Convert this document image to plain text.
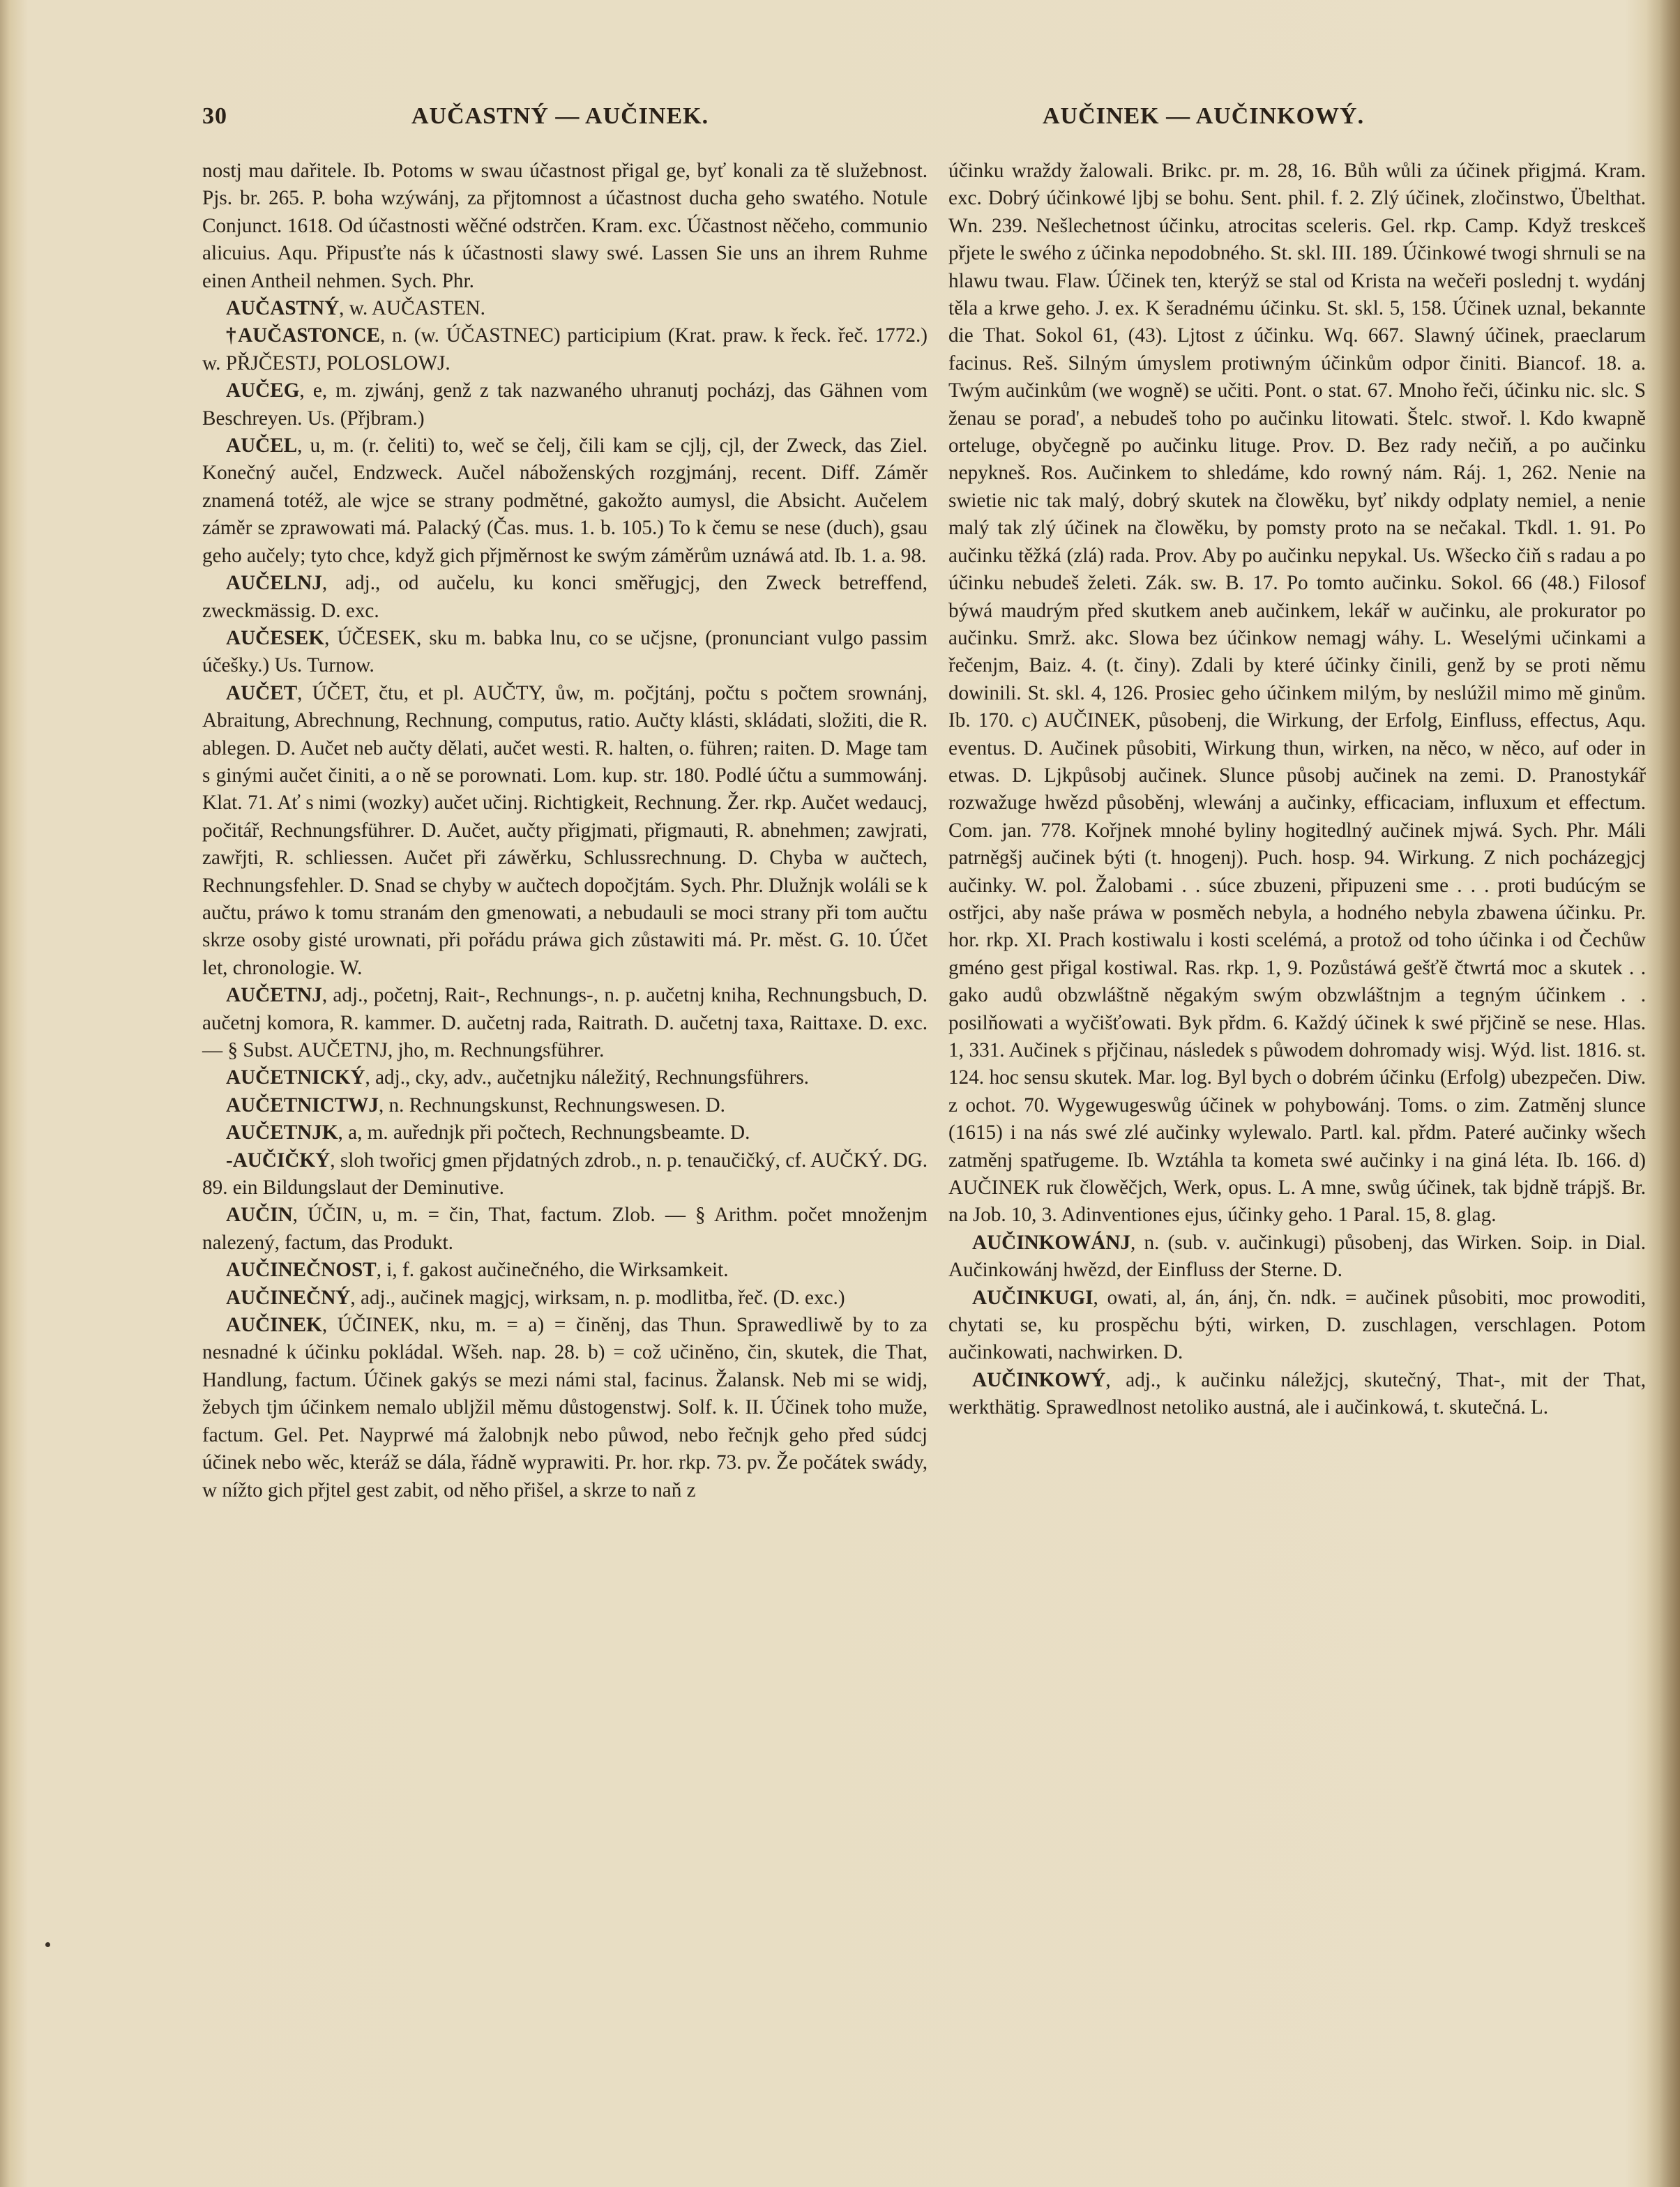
30	AUČASTNÝ — AUČINEK.	AUČINEK — AUČINKOWÝ.

nostj mau dařitele. Ib. Potoms w swau účastnost přigal ge, byť konali za tě služebnost. Pjs. br. 265. P. boha wzýwánj, za přjtomnost a účastnost ducha geho swatého. Notule Conjunct. 1618. Od účastnosti wěčné odstrčen. Kram. exc. Účastnost něčeho, communio alicuius. Aqu. Připusťte nás k účastnosti slawy swé. Lassen Sie uns an ihrem Ruhme einen Antheil nehmen. Sych. Phr.

AUČASTNÝ, w. AUČASTEN.

†AUČASTONCE, n. (w. ÚČASTNEC) participium (Krat. praw. k řeck. řeč. 1772.) w. PŘJČESTJ, POLOSLOWJ.

AUČEG, e, m. zjwánj, genž z tak nazwaného uhranutj pocházj, das Gähnen vom Beschreyen. Us. (Přjbram.)

AUČEL, u, m. (r. čeliti) to, weč se čelj, čili kam se cjlj, cjl, der Zweck, das Ziel. Konečný aučel, Endzweck. Aučel náboženských rozgjmánj, recent. Diff. Záměr znamená totéž, ale wjce se strany podmětné, gakožto aumysl, die Absicht. Aučelem záměr se zprawowati má. Palacký (Čas. mus. 1. b. 105.) To k čemu se nese (duch), gsau geho aučely; tyto chce, když gich přjměrnost ke swým záměrům uznáwá atd. Ib. 1. a. 98.

AUČELNJ, adj., od aučelu, ku konci směřugjcj, den Zweck betreffend, zweckmässig. D. exc.

AUČESEK, ÚČESEK, sku m. babka lnu, co se učjsne, (pronunciant vulgo passim účešky.) Us. Turnow.

AUČET, ÚČET, čtu, et pl. AUČTY, ůw, m. počjtánj, počtu s počtem srownánj, Abraitung, Abrechnung, Rechnung, computus, ratio. Aučty klásti, skládati, složiti, die R. ablegen. D. Aučet neb aučty dělati, aučet westi. R. halten, o. führen; raiten. D. Mage tam s ginými aučet činiti, a o ně se porownati. Lom. kup. str. 180. Podlé účtu a summowánj. Klat. 71. Ať s nimi (wozky) aučet učinj. Richtigkeit, Rechnung. Žer. rkp. Aučet wedaucj, počitář, Rechnungsführer. D. Aučet, aučty přigjmati, přigmauti, R. abnehmen; zawjrati, zawřjti, R. schliessen. Aučet při záwěrku, Schlussrechnung. D. Chyba w aučtech, Rechnungsfehler. D. Snad se chyby w aučtech dopočjtám. Sych. Phr. Dlužnjk woláli se k aučtu, práwo k tomu stranám den gmenowati, a nebudauli se moci strany při tom aučtu skrze osoby gisté urownati, při pořádu práwa gich zůstawiti má. Pr. měst. G. 10. Účet let, chronologie. W.

AUČETNJ, adj., početnj, Rait-, Rechnungs-, n. p. aučetnj kniha, Rechnungsbuch, D. aučetnj komora, R. kammer. D. aučetnj rada, Raitrath. D. aučetnj taxa, Raittaxe. D. exc. — § Subst. AUČETNJ, jho, m. Rechnungsführer.

AUČETNICKÝ, adj., cky, adv., aučetnjku náležitý, Rechnungsführers.

AUČETNICTWJ, n. Rechnungskunst, Rechnungswesen. D.

AUČETNJK, a, m. auřednjk při počtech, Rechnungsbeamte. D.

-AUČIČKÝ, sloh twořicj gmen přjdatných zdrob., n. p. tenaučičký, cf. AUČKÝ. DG. 89. ein Bildungslaut der Deminutive.

AUČIN, ÚČIN, u, m. = čin, That, factum. Zlob. — § Arithm. počet množenjm nalezený, factum, das Produkt.

AUČINEČNOST, i, f. gakost aučinečného, die Wirksamkeit.

AUČINEČNÝ, adj., aučinek magjcj, wirksam, n. p. modlitba, řeč. (D. exc.)

AUČINEK, ÚČINEK, nku, m. = a) = činěnj, das Thun. Sprawedliwě by to za nesnadné k účinku pokládal. Wšeh. nap. 28. b) = což učiněno, čin, skutek, die That, Handlung, factum. Účinek gakýs se mezi námi stal, facinus. Žalansk. Neb mi se widj, žebych tjm účinkem nemalo ubljžil měmu důstogenstwj. Solf. k. II. Účinek toho muže, factum. Gel. Pet. Nayprwé má žalobnjk nebo půwod, nebo řečnjk geho před súdcj účinek nebo wěc, kteráž se dála, řádně wyprawiti. Pr. hor. rkp. 73. pv. Že počátek swády, w nížto gich přjtel gest zabit, od něho přišel, a skrze to naň z

účinku wraždy žalowali. Brikc. pr. m. 28, 16. Bůh wůli za účinek přigjmá. Kram. exc. Dobrý účinkowé ljbj se bohu. Sent. phil. f. 2. Zlý účinek, zločinstwo, Übelthat. Wn. 239. Nešlechetnost účinku, atrocitas sceleris. Gel. rkp. Camp. Když treskceš přjete le swého z účinka nepodobného. St. skl. III. 189. Účinkowé twogi shrnuli se na hlawu twau. Flaw. Účinek ten, kterýž se stal od Krista na wečeři poslednj t. wydánj těla a krwe geho. J. ex. K šeradnému účinku. St. skl. 5, 158. Účinek uznal, bekannte die That. Sokol 61, (43). Ljtost z účinku. Wq. 667. Slawný účinek, praeclarum facinus. Reš. Silným úmyslem protiwným účinkům odpor činiti. Biancof. 18. a. Twým aučinkům (we wogně) se učiti. Pont. o stat. 67. Mnoho řeči, účinku nic. slc. S ženau se porad', a nebudeš toho po aučinku litowati. Štelc. stwoř. l. Kdo kwapně orteluge, obyčegně po aučinku lituge. Prov. D. Bez rady nečiň, a po aučinku nepykneš. Ros. Aučinkem to shledáme, kdo rowný nám. Ráj. 1, 262. Nenie na swietie nic tak malý, dobrý skutek na člowěku, byť nikdy odplaty nemiel, a nenie malý tak zlý účinek na člowěku, by pomsty proto na se nečakal. Tkdl. 1. 91. Po aučinku těžká (zlá) rada. Prov. Aby po aučinku nepykal. Us. Wšecko čiň s radau a po účinku nebudeš želeti. Zák. sw. B. 17. Po tomto aučinku. Sokol. 66 (48.) Filosof býwá maudrým před skutkem aneb aučinkem, lekář w aučinku, ale prokurator po aučinku. Smrž. akc. Slowa bez účinkow nemagj wáhy. L. Weselými učinkami a řečenjm, Baiz. 4. (t. činy). Zdali by které účinky činili, genž by se proti němu dowinili. St. skl. 4, 126. Prosiec geho účinkem milým, by neslúžil mimo mě ginům. Ib. 170. c) AUČINEK, působenj, die Wirkung, der Erfolg, Einfluss, effectus, Aqu. eventus. D. Aučinek působiti, Wirkung thun, wirken, na něco, w něco, auf oder in etwas. D. Ljkpůsobj aučinek. Slunce působj aučinek na zemi. D. Pranostykář rozwažuge hwězd působěnj, wlewánj a aučinky, efficaciam, influxum et effectum. Com. jan. 778. Kořjnek mnohé byliny hogitedlný aučinek mjwá. Sych. Phr. Máli patrněgšj aučinek býti (t. hnogenj). Puch. hosp. 94. Wirkung. Z nich pocházegjcj aučinky. W. pol. Žalobami . . súce zbuzeni, připuzeni sme . . . proti budúcým se ostřjci, aby naše práwa w posměch nebyla, a hodného nebyla zbawena účinku. Pr. hor. rkp. XI. Prach kostiwalu i kosti scelémá, a protož od toho účinka i od Čechůw gméno gest přigal kostiwal. Ras. rkp. 1, 9. Pozůstáwá gešťě čtwrtá moc a skutek . . gako audů obzwláštně něgakým swým obzwláštnjm a tegným účinkem . . posilňowati a wyčišťowati. Byk přdm. 6. Každý účinek k swé přjčině se nese. Hlas. 1, 331. Aučinek s přjčinau, následek s půwodem dohromady wisj. Wýd. list. 1816. st. 124. hoc sensu skutek. Mar. log. Byl bych o dobrém účinku (Erfolg) ubezpečen. Diw. z ochot. 70. Wygewugeswůg účinek w pohybowánj. Toms. o zim. Zatměnj slunce (1615) i na nás swé zlé aučinky wylewalo. Partl. kal. přdm. Pateré aučinky wšech zatměnj spatřugeme. Ib. Wztáhla ta kometa swé aučinky i na giná léta. Ib. 166. d) AUČINEK ruk člowěčjch, Werk, opus. L. A mne, swůg účinek, tak bjdně trápjš. Br. na Job. 10, 3. Adinventiones ejus, účinky geho. 1 Paral. 15, 8. glag.

AUČINKOWÁNJ, n. (sub. v. aučinkugi) působenj, das Wirken. Soip. in Dial. Aučinkowánj hwězd, der Einfluss der Sterne. D.

AUČINKUGI, owati, al, án, ánj, čn. ndk. = aučinek působiti, moc prowoditi, chytati se, ku prospěchu býti, wirken, D. zuschlagen, verschlagen. Potom aučinkowati, nachwirken. D.

AUČINKOWÝ, adj., k aučinku náležjcj, skutečný, That-, mit der That, werkthätig. Sprawedlnost netoliko austná, ale i aučinkowá, t. skutečná. L.
